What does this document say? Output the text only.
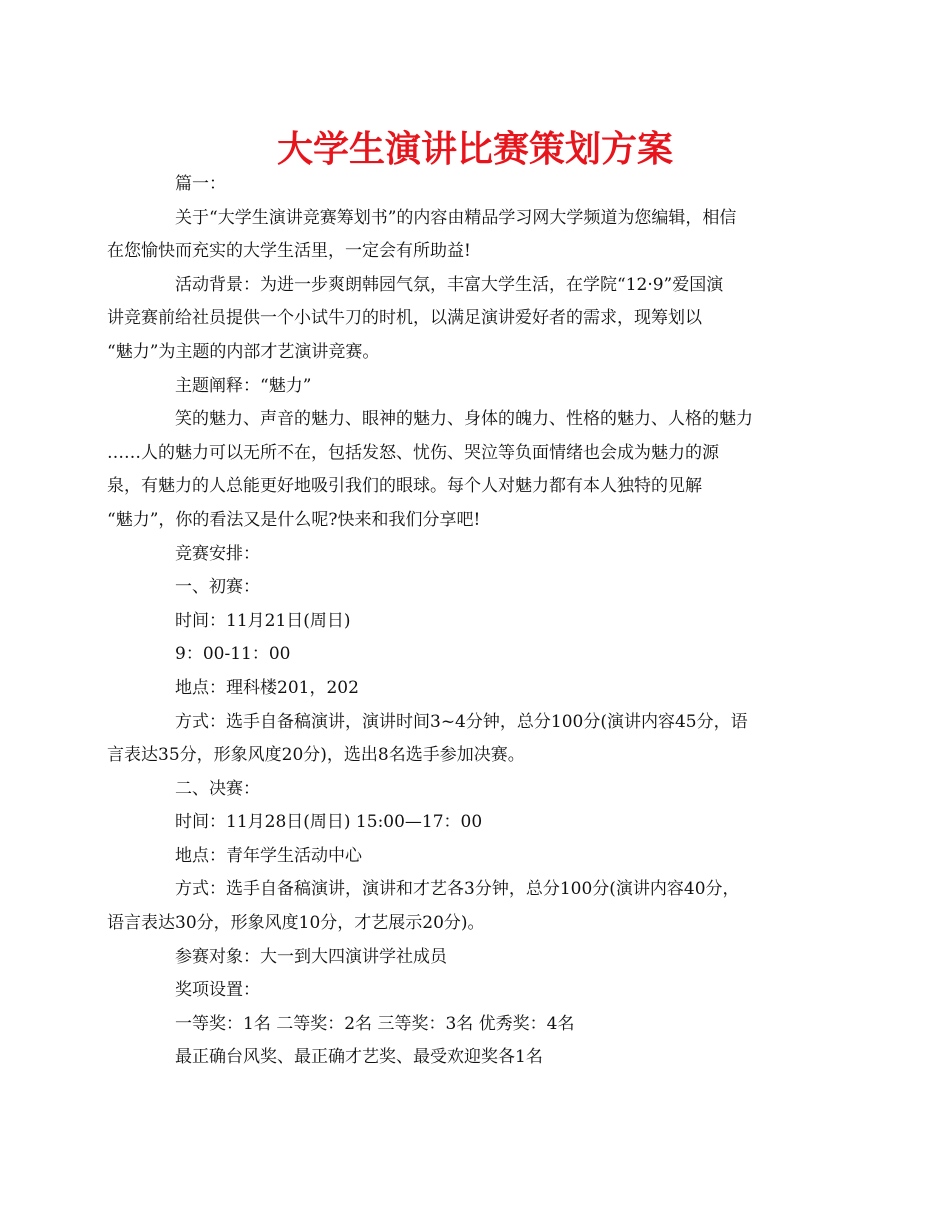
大学生演讲比赛策划方案

篇一：

关于“大学生演讲竞赛筹划书”的内容由精品学习网大学频道为您编辑，相信
在您愉快而充实的大学生活里，一定会有所助益!

活动背景：为进一步爽朗韩园气氛，丰富大学生活，在学院“12·9”爱国演
讲竞赛前给社员提供一个小试牛刀的时机，以满足演讲爱好者的需求，现筹划以
“魅力”为主题的内部才艺演讲竞赛。

主题阐释：“魅力”

笑的魅力、声音的魅力、眼神的魅力、身体的魄力、性格的魅力、人格的魅力
……人的魅力可以无所不在，包括发怒、忧伤、哭泣等负面情绪也会成为魅力的源
泉，有魅力的人总能更好地吸引我们的眼球。每个人对魅力都有本人独特的见解
“魅力”，你的看法又是什么呢?快来和我们分享吧!

竞赛安排：

一、初赛：

时间：11月21日(周日)

9：00-11：00

地点：理科楼201，202

方式：选手自备稿演讲，演讲时间3~4分钟，总分100分(演讲内容45分，语
言表达35分，形象风度20分)，选出8名选手参加决赛。

二、决赛：

时间：11月28日(周日) 15:00—17：00

地点：青年学生活动中心

方式：选手自备稿演讲，演讲和才艺各3分钟，总分100分(演讲内容40分，
语言表达30分，形象风度10分，才艺展示20分)。

参赛对象：大一到大四演讲学社成员

奖项设置：

一等奖：1名 二等奖：2名 三等奖：3名 优秀奖：4名

最正确台风奖、最正确才艺奖、最受欢迎奖各1名
